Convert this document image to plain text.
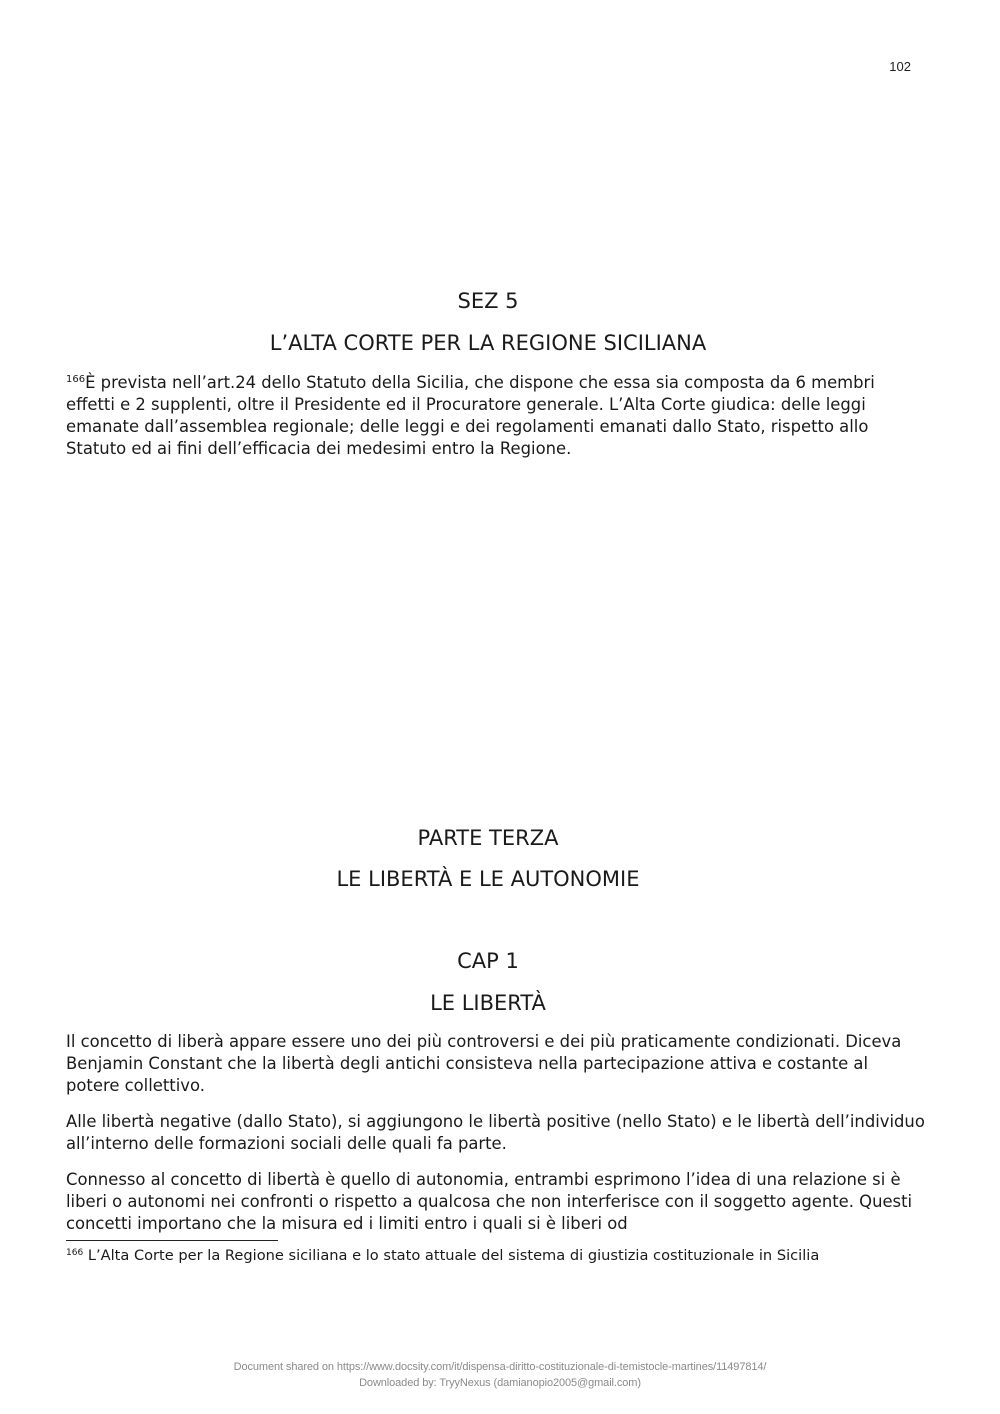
102
SEZ 5
L’ALTA CORTE PER LA REGIONE SICILIANA

$^{166}$È prevista nell’art.24 dello Statuto della Sicilia, che dispone che essa sia composta da 6 membri effetti e 2 supplenti, oltre il Presidente ed il Procuratore generale. L’Alta Corte giudica: delle leggi emanate dall’assemblea regionale; delle leggi e dei regolamenti emanati dallo Stato, rispetto allo Statuto ed ai fini dell’efficacia dei medesimi entro la Regione.

PARTE TERZA
LE LIBERTÀ E LE AUTONOMIE
CAP 1
LE LIBERTÀ

Il concetto di liberà appare essere uno dei più controversi e dei più praticamente condizionati. Diceva Benjamin Constant che la libertà degli antichi consisteva nella partecipazione attiva e costante al potere collettivo.

Alle libertà negative (dallo Stato), si aggiungono le libertà positive (nello Stato) e le libertà dell’individuo all’interno delle formazioni sociali delle quali fa parte.

Connesso al concetto di libertà è quello di autonomia, entrambi esprimono l’idea di una relazione si è liberi o autonomi nei confronti o rispetto a qualcosa che non interferisce con il soggetto agente. Questi concetti importano che la misura ed i limiti entro i quali si è liberi od

$^{166}$ L’Alta Corte per la Regione siciliana e lo stato attuale del sistema di giustizia costituzionale in Sicilia
Document shared on https://www.docsity.com/it/dispensa-diritto-costituzionale-di-temistocle-martines/11497814/
Downloaded by: TryyNexus (damianopio2005@gmail.com)
